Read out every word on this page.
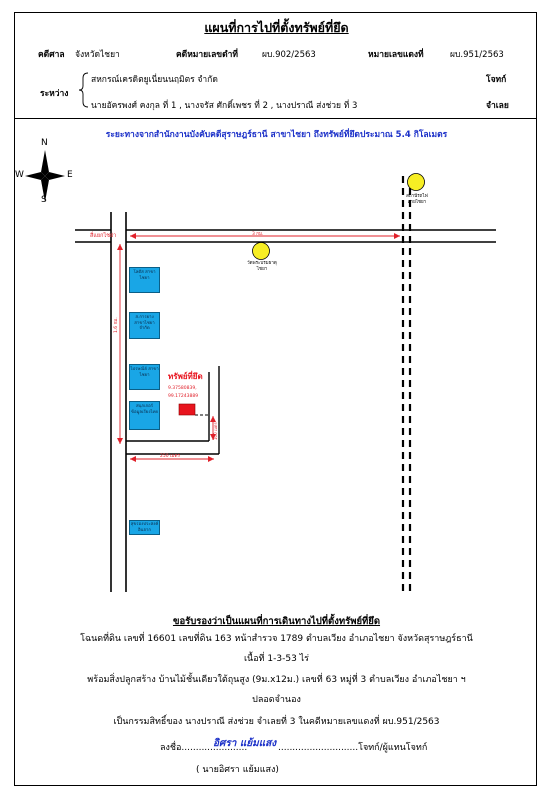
แผนที่การไปที่ตั้งทรัพย์ที่ยึด
คดีศาล จังหวัดไชยา	คดีหมายเลขดำที่	ผบ.902/2563	หมายเลขแดงที่	ผบ.951/2563
ระหว่าง
สหกรณ์เครดิตยูเนี่ยนนฤมิตร จำกัด	โจทก์
นายอัครพงศ์ คงกุล ที่ 1 , นางจรัส ศักดิ์เพชร ที่ 2 , นางปราณี ส่งช่วย ที่ 3	จำเลย
ระยะทางจากสำนักงานบังคับคดีสุราษฎร์ธานี สาขาไชยา ถึงทรัพย์ที่ยึดประมาณ 5.4 กิโลเมตร
N
S
W	E
สี่แยกไชย่า	3 กม.
วัดพระบรมธาตุไชยา
สถานีรถไฟ สายไชยา
1.6 กม.
ทรัพย์ที่ยึด
9.37580839,
99.17243889
250 เมตร
100 เมตร
โลตัส สาขาไชยา
ส.การยาง สาขาไชยา จำกัด
ไปรษณีย์ สาขาไชยา
สนุกเกอร์ ข้อมูลเรียงไทย
สุขรองประสงค์ อินจาก
ขอรับรองว่าเป็นแผนที่การเดินทางไปที่ตั้งทรัพย์ที่ยึด
โฉนดที่ดิน เลขที่ 16601 เลขที่ดิน 163 หน้าสำรวจ 1789 ตำบลเวียง อำเภอไชยา จังหวัดสุราษฎร์ธานี
เนื้อที่ 1-3-53 ไร่
พร้อมสิ่งปลูกสร้าง บ้านไม้ชั้นเดียวใต้ถุนสูง (9ม.x12ม.) เลขที่ 63 หมู่ที่ 3 ตำบลเวียง อำเภอไชยา ฯ
ปลอดจำนอง
เป็นกรรมสิทธิ์ของ นางปราณี ส่งช่วย จำเลยที่ 3 ในคดีหมายเลขแดงที่ ผบ.951/2563
ลงชื่อ.......................
อิศรา แย้มแสง ............................โจทก์/ผู้แทนโจทก์
( นายอิศรา แย้มแสง)
